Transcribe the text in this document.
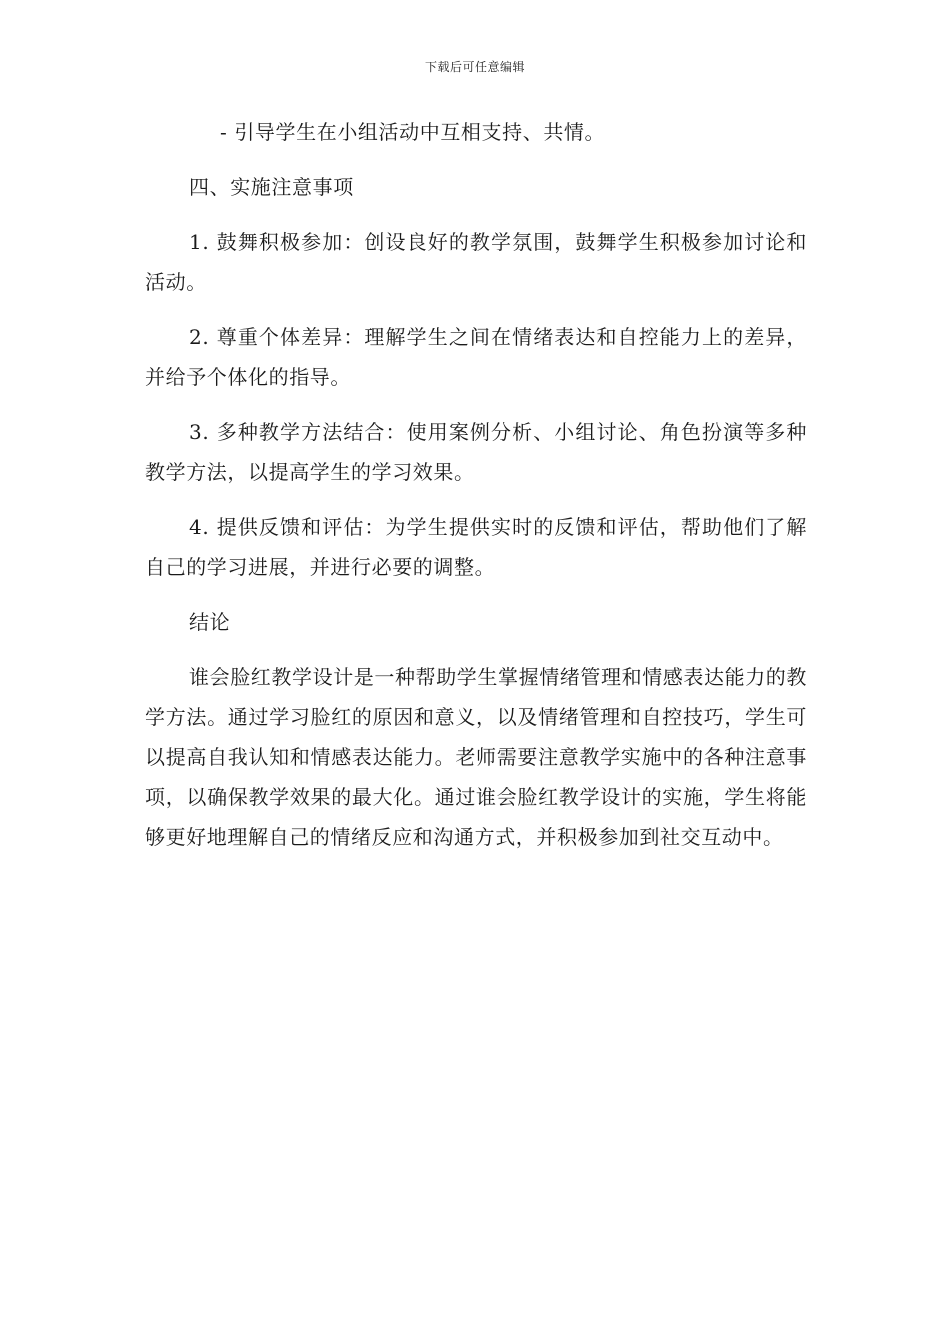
下载后可任意编辑

- 引导学生在小组活动中互相支持、共情。

四、实施注意事项

1. 鼓舞积极参加：创设良好的教学氛围，鼓舞学生积极参加讨论和活动。

2. 尊重个体差异：理解学生之间在情绪表达和自控能力上的差异，并给予个体化的指导。

3. 多种教学方法结合：使用案例分析、小组讨论、角色扮演等多种教学方法，以提高学生的学习效果。

4. 提供反馈和评估：为学生提供实时的反馈和评估，帮助他们了解自己的学习进展，并进行必要的调整。

结论

谁会脸红教学设计是一种帮助学生掌握情绪管理和情感表达能力的教学方法。通过学习脸红的原因和意义，以及情绪管理和自控技巧，学生可以提高自我认知和情感表达能力。老师需要注意教学实施中的各种注意事项，以确保教学效果的最大化。通过谁会脸红教学设计的实施，学生将能够更好地理解自己的情绪反应和沟通方式，并积极参加到社交互动中。
